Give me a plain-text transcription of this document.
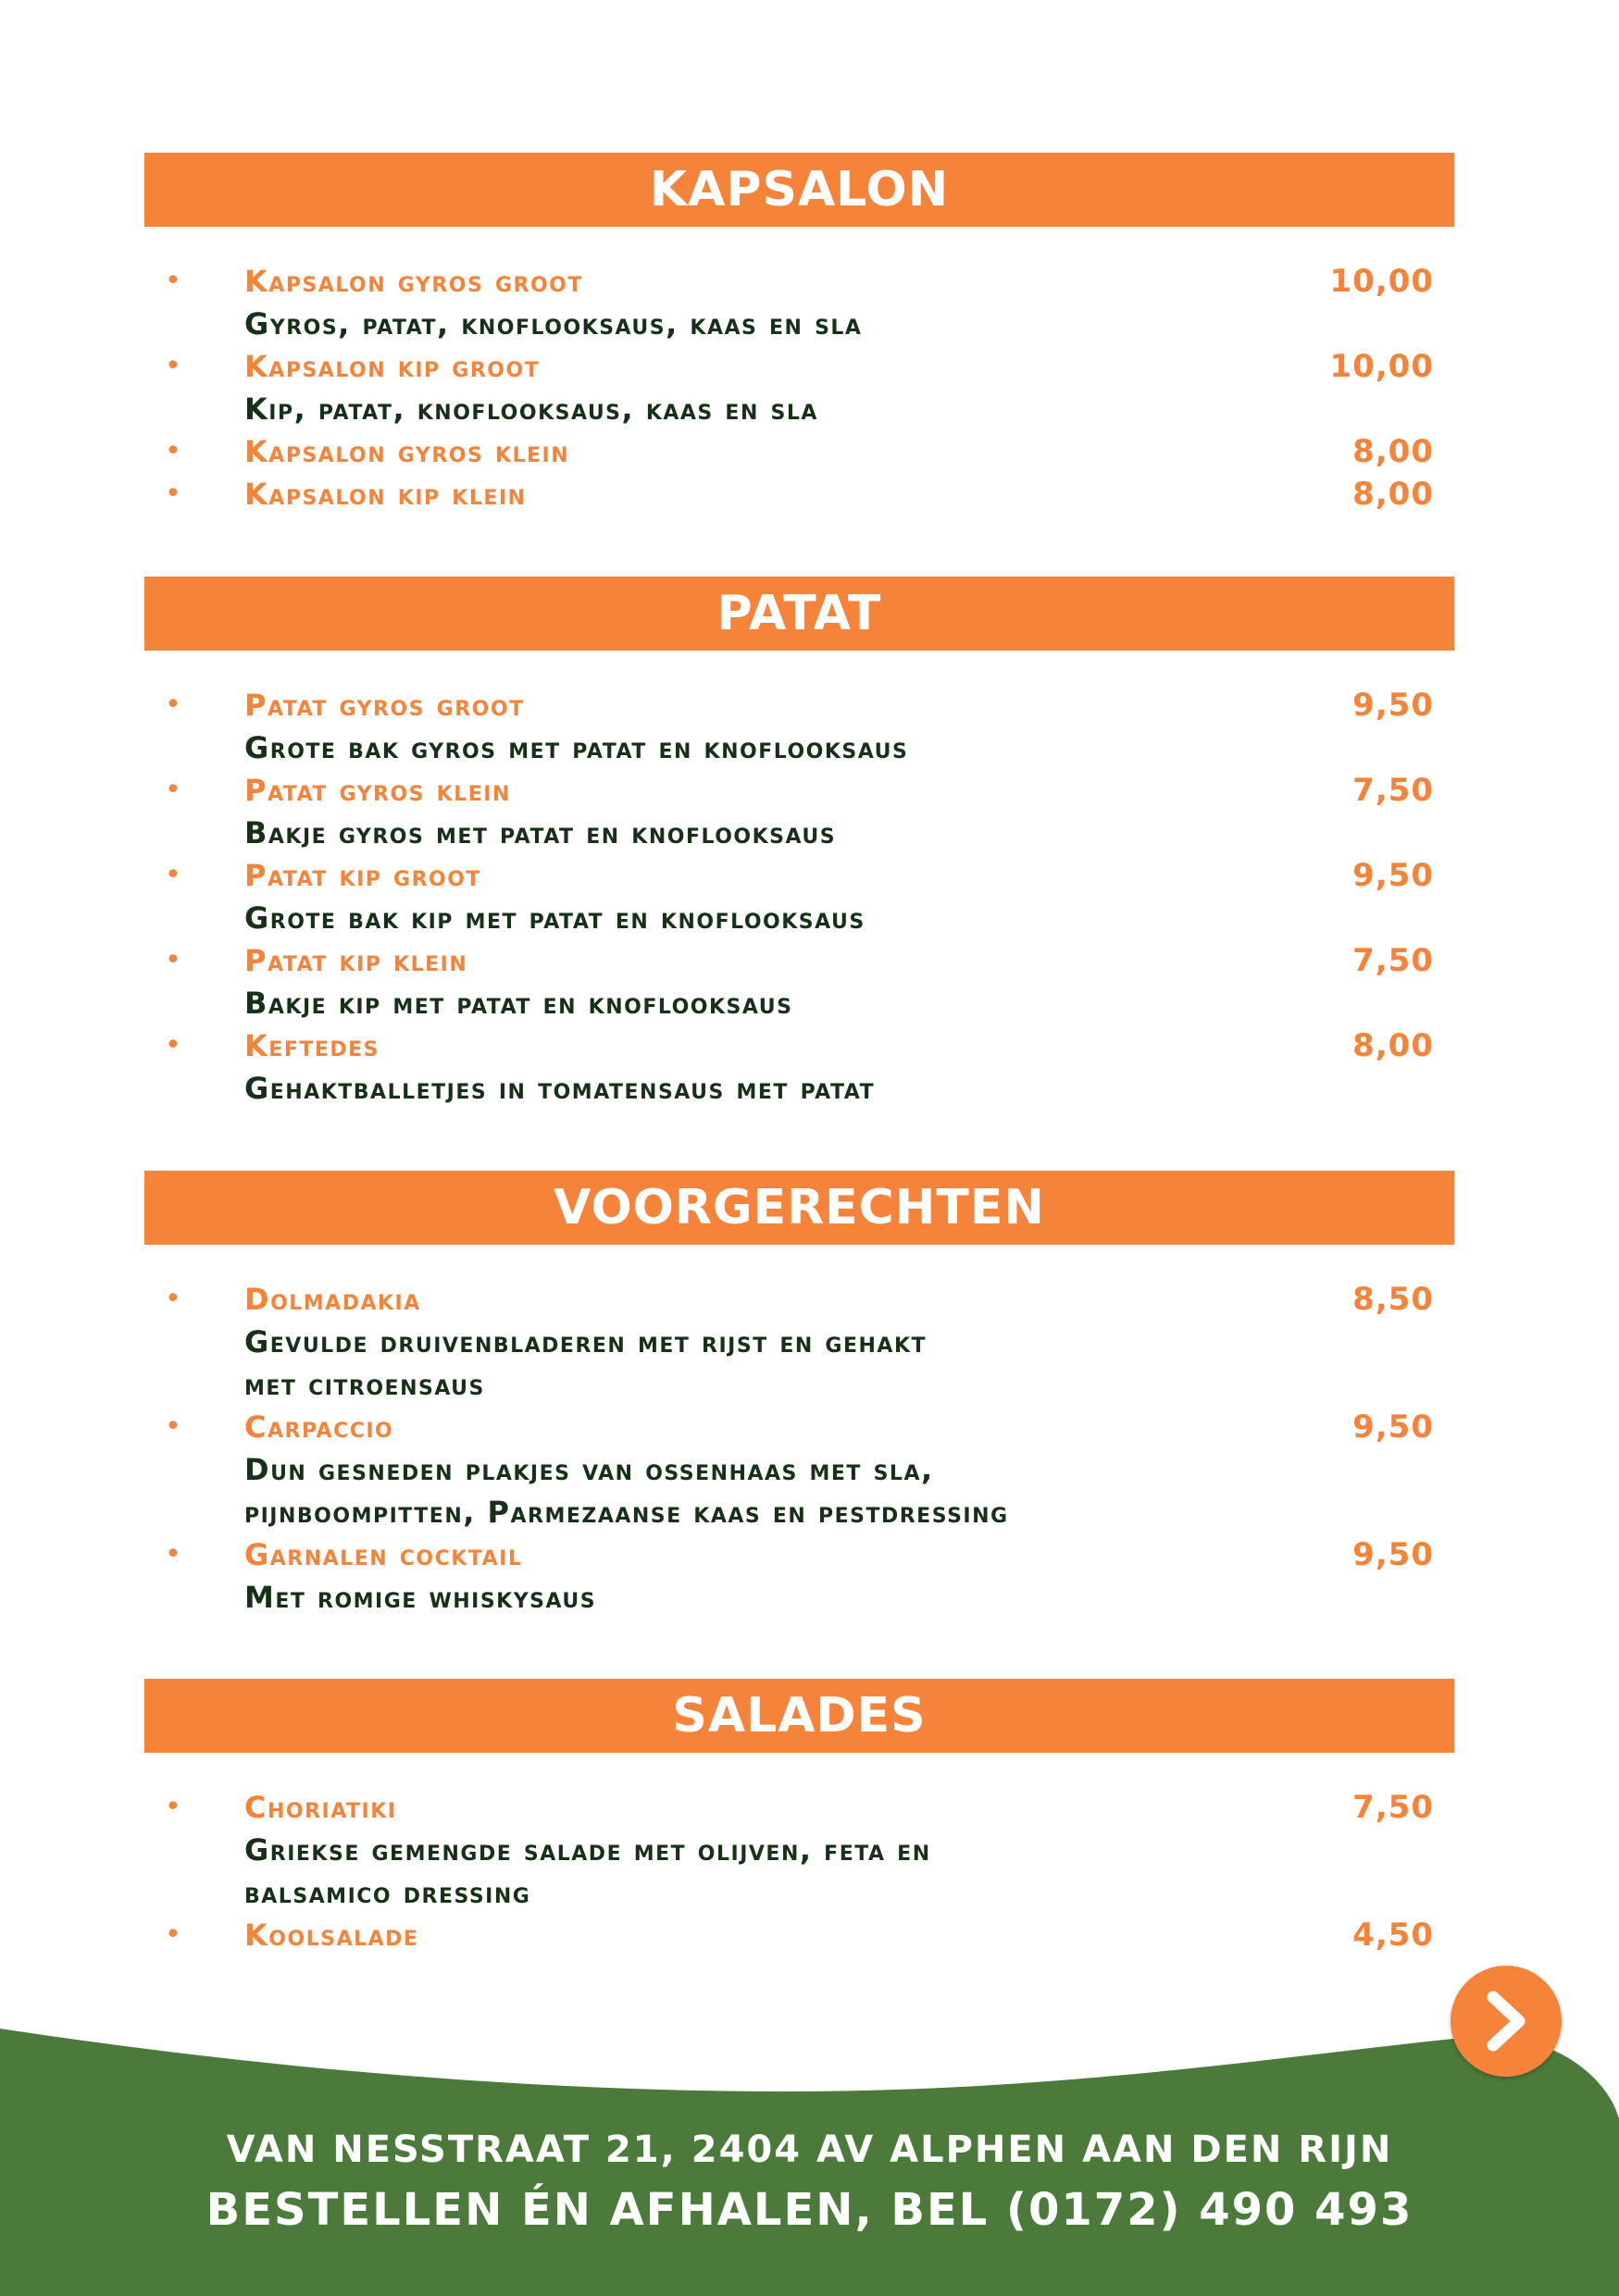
KAPSALON
• Kapsalon gyros groot	10,00
Gyros, patat, knoflooksaus, kaas en sla
• Kapsalon kip groot	10,00
Kip, patat, knoflooksaus, kaas en sla
• Kapsalon gyros klein	8,00
• Kapsalon kip klein	8,00
PATAT
• Patat gyros groot	9,50
Grote bak gyros met patat en knoflooksaus
• Patat gyros klein	7,50
Bakje gyros met patat en knoflooksaus
• Patat kip groot	9,50
Grote bak kip met patat en knoflooksaus
• Patat kip klein	7,50
Bakje kip met patat en knoflooksaus
• Keftedes	8,00
Gehaktballetjes in tomatensaus met patat
VOORGERECHTEN
• Dolmadakia	8,50
Gevulde druivenbladeren met rijst en gehakt
met citroensaus
• Carpaccio	9,50
Dun gesneden plakjes van ossenhaas met sla,
pijnboompitten, Parmezaanse kaas en pestdressing
• Garnalen cocktail	9,50
Met romige whiskysaus
SALADES
• Choriatiki	7,50
Griekse gemengde salade met olijven, feta en
balsamico dressing
• Koolsalade	4,50
VAN NESSTRAAT 21, 2404 AV ALPHEN AAN DEN RIJN
BESTELLEN ÉN AFHALEN, BEL (0172) 490 493
